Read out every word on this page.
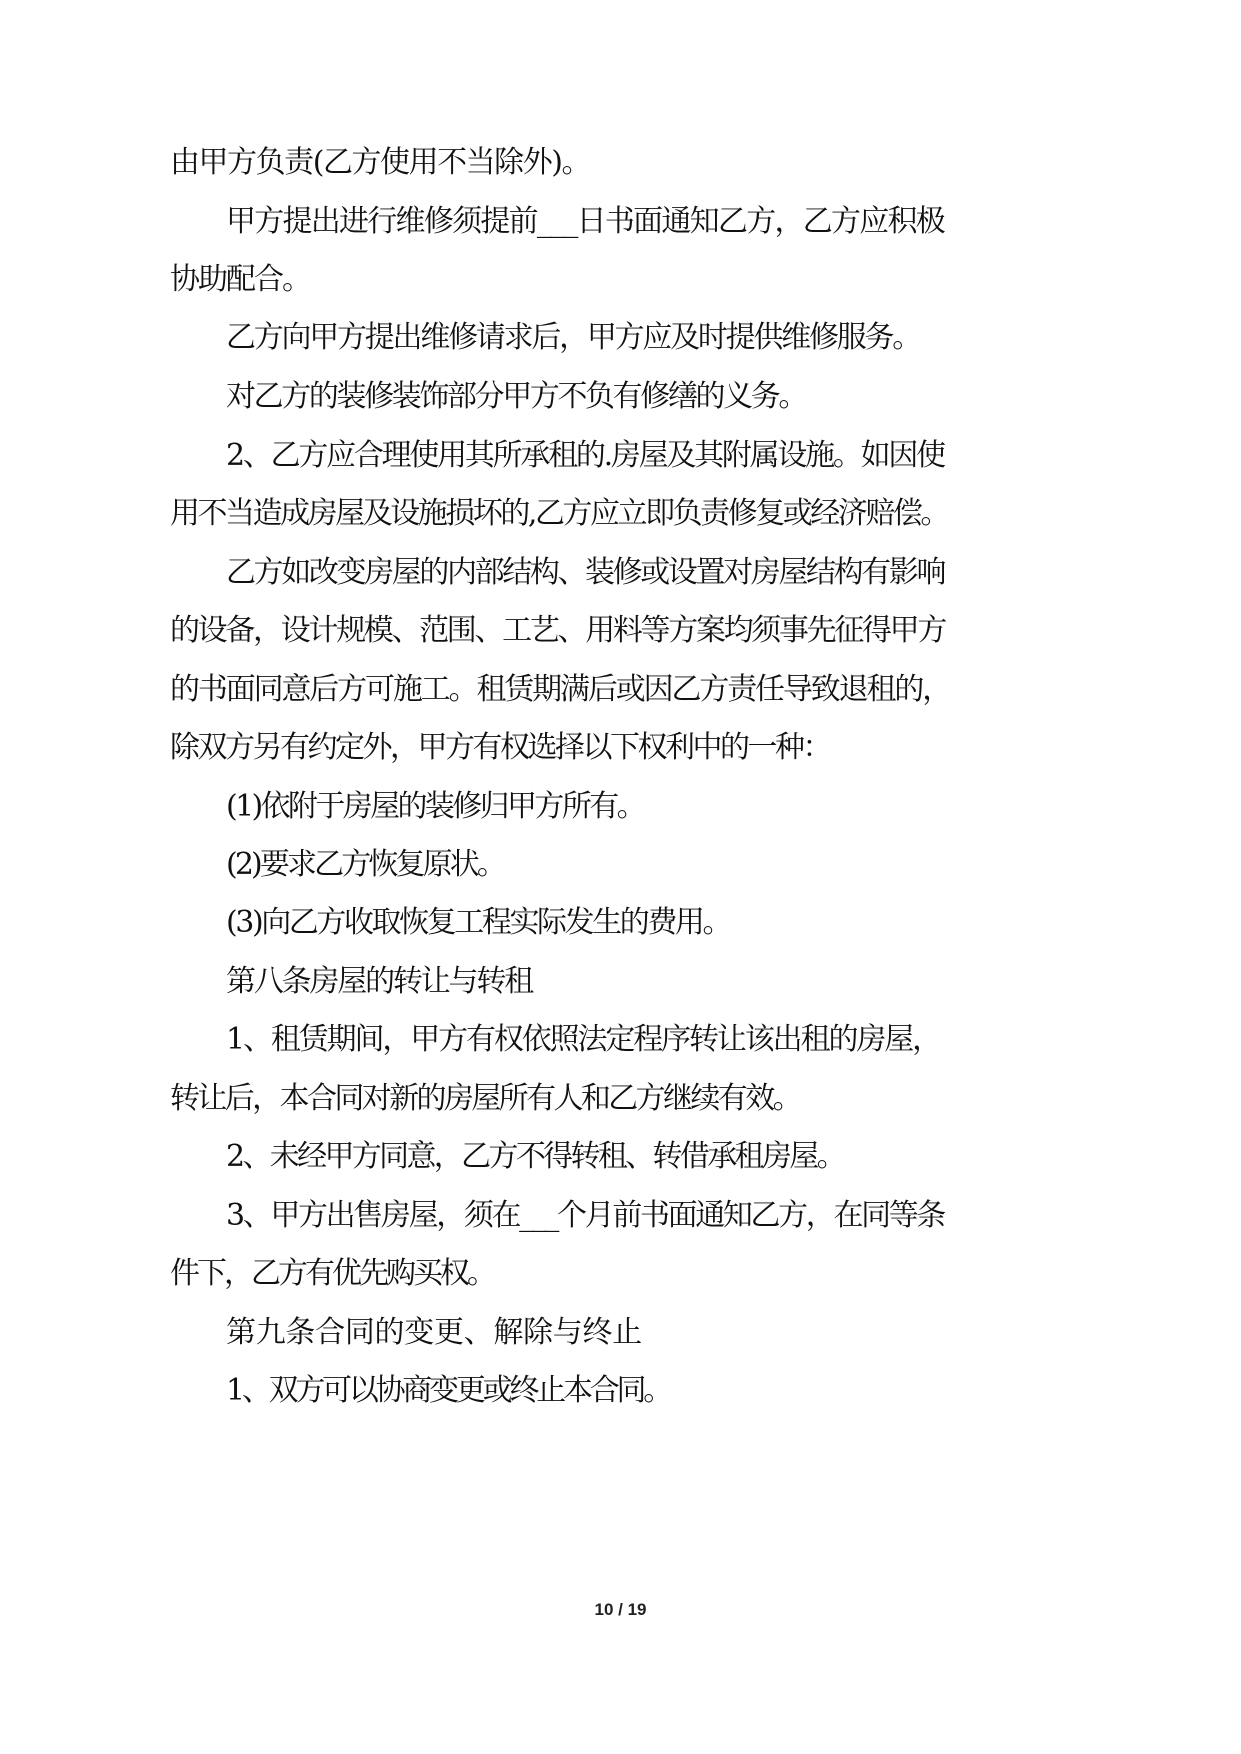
由甲方负责(乙方使用不当除外)。
甲方提出进行维修须提前___日书面通知乙方，乙方应积极
协助配合。
乙方向甲方提出维修请求后，甲方应及时提供维修服务。
对乙方的装修装饰部分甲方不负有修缮的义务。
2、乙方应合理使用其所承租的.房屋及其附属设施。如因使
用不当造成房屋及设施损坏的,乙方应立即负责修复或经济赔偿。
乙方如改变房屋的内部结构、装修或设置对房屋结构有影响
的设备，设计规模、范围、工艺、用料等方案均须事先征得甲方
的书面同意后方可施工。租赁期满后或因乙方责任导致退租的，
除双方另有约定外，甲方有权选择以下权利中的一种：
(1)依附于房屋的装修归甲方所有。
(2)要求乙方恢复原状。
(3)向乙方收取恢复工程实际发生的费用。
第八条房屋的转让与转租
1、租赁期间，甲方有权依照法定程序转让该出租的房屋，
转让后，本合同对新的房屋所有人和乙方继续有效。
2、未经甲方同意，乙方不得转租、转借承租房屋。
3、甲方出售房屋，须在___个月前书面通知乙方，在同等条
件下，乙方有优先购买权。
第九条合同的变更、解除与终止
1、双方可以协商变更或终止本合同。
10 / 19
